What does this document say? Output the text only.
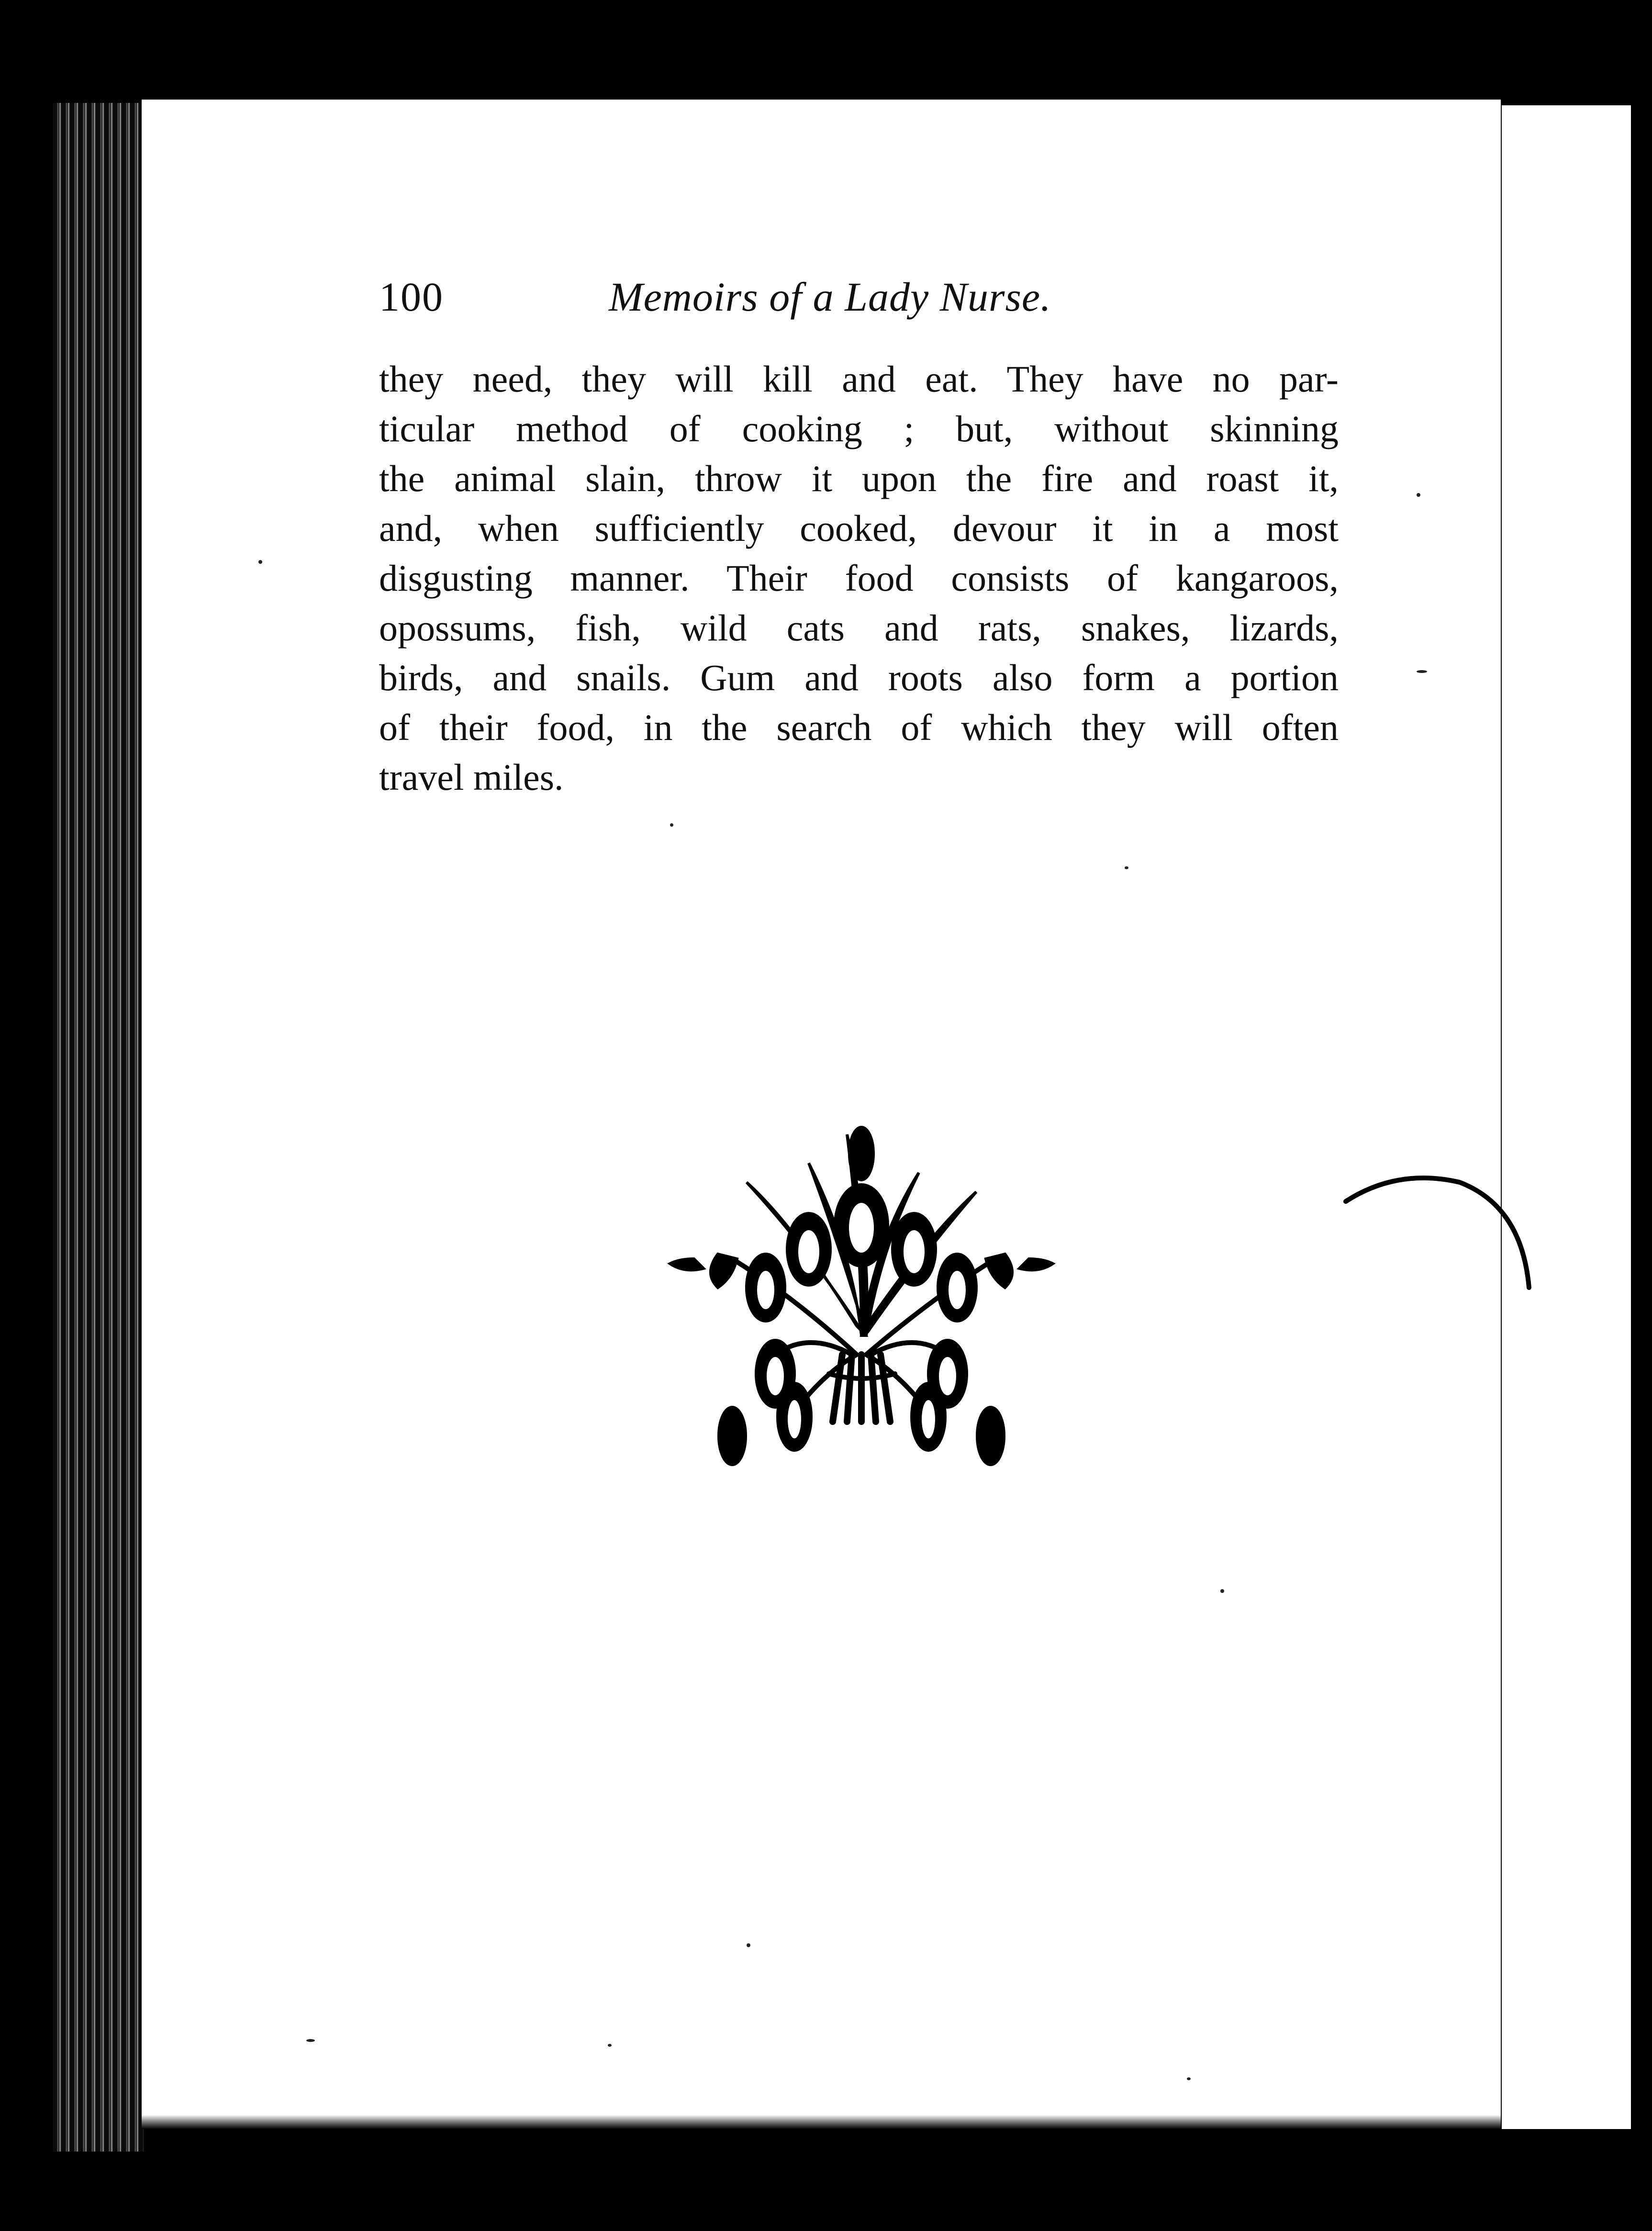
100	Memoirs of a Lady Nurse.
they need, they will kill and eat. They have no par-
ticular method of cooking ; but, without skinning
the animal slain, throw it upon the fire and roast it,
and, when sufficiently cooked, devour it in a most
disgusting manner. Their food consists of kangaroos,
opossums, fish, wild cats and rats, snakes, lizards,
birds, and snails. Gum and roots also form a portion
of their food, in the search of which they will often
travel miles.
